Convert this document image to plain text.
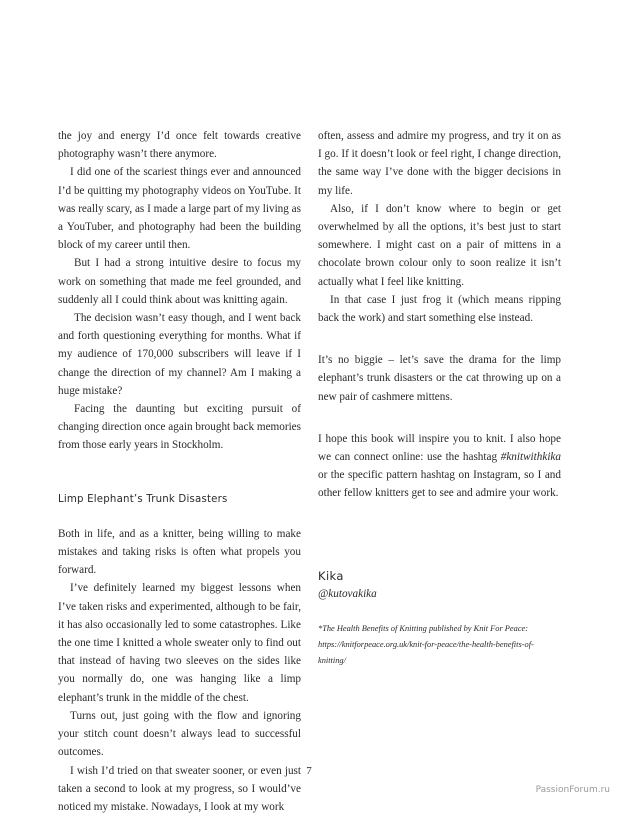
the joy and energy I’d once felt towards creative photography wasn’t there anymore.

I did one of the scariest things ever and announced I’d be quitting my photography videos on YouTube. It was really scary, as I made a large part of my living as a YouTuber, and photography had been the building block of my career until then.

But I had a strong intuitive desire to focus my work on something that made me feel grounded, and suddenly all I could think about was knitting again.

The decision wasn’t easy though, and I went back and forth questioning everything for months. What if my audience of 170,000 subscribers will leave if I change the direction of my channel? Am I making a huge mistake?

Facing the daunting but exciting pursuit of changing direction once again brought back memories from those early years in Stockholm.

Limp Elephant’s Trunk Disasters

Both in life, and as a knitter, being willing to make mistakes and taking risks is often what propels you forward.

I’ve definitely learned my biggest lessons when I’ve taken risks and experimented, although to be fair, it has also occasionally led to some catastrophes. Like the one time I knitted a whole sweater only to find out that instead of having two sleeves on the sides like you normally do, one was hanging like a limp elephant’s trunk in the middle of the chest.

Turns out, just going with the flow and ignoring your stitch count doesn’t always lead to successful outcomes.

I wish I’d tried on that sweater sooner, or even just taken a second to look at my progress, so I would’ve noticed my mistake. Nowadays, I look at my work

often, assess and admire my progress, and try it on as I go. If it doesn’t look or feel right, I change direction, the same way I’ve done with the bigger decisions in my life.

Also, if I don’t know where to begin or get overwhelmed by all the options, it’s best just to start somewhere. I might cast on a pair of mittens in a chocolate brown colour only to soon realize it isn’t actually what I feel like knitting.

In that case I just frog it (which means ripping back the work) and start something else instead.

It’s no biggie – let’s save the drama for the limp elephant’s trunk disasters or the cat throwing up on a new pair of cashmere mittens.

I hope this book will inspire you to knit. I also hope we can connect online: use the hashtag #knitwithkika or the specific pattern hashtag on Instagram, so I and other fellow knitters get to see and admire your work.

Kika

@kutovakika

*The Health Benefits of Knitting published by Knit For Peace: https://knitforpeace.org.uk/knit-for-peace/the-health-benefits-of-knitting/

7
PassionForum.ru
